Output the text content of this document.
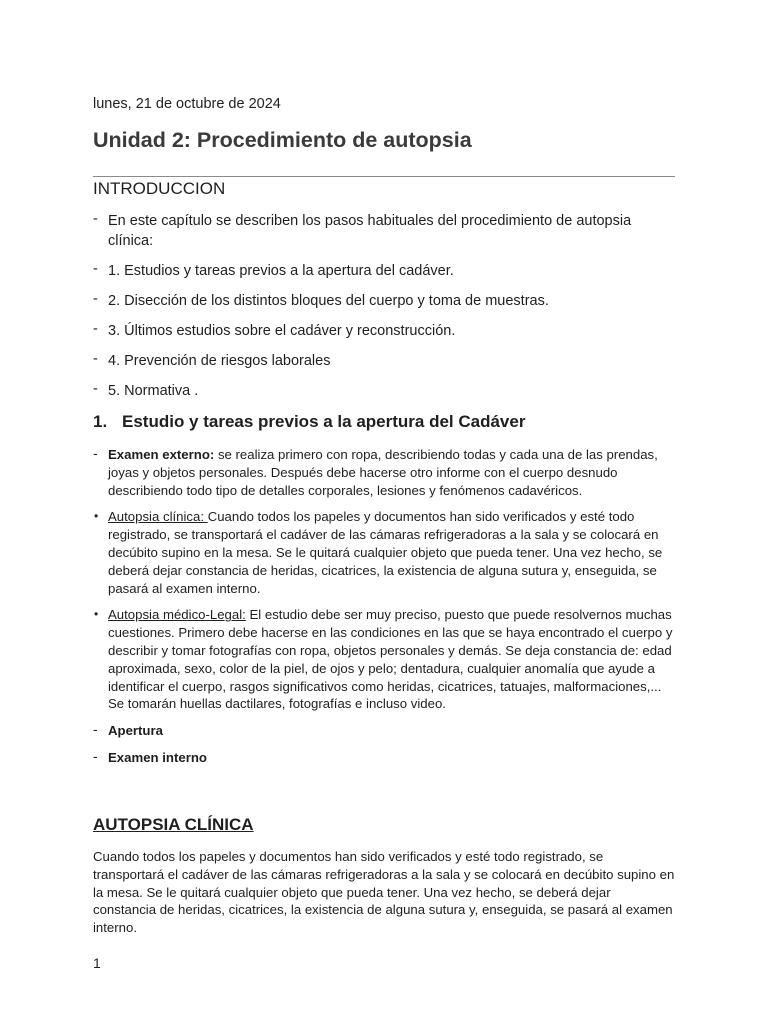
lunes, 21 de octubre de 2024
Unidad 2: Procedimiento de autopsia
INTRODUCCION
- En este capítulo se describen los pasos habituales del procedimiento de autopsia clínica:
- 1. Estudios y tareas previos a la apertura del cadáver.
- 2. Disección de los distintos bloques del cuerpo y toma de muestras.
- 3. Últimos estudios sobre el cadáver y reconstrucción.
- 4. Prevención de riesgos laborales
- 5. Normativa .
1. Estudio y tareas previos a la apertura del Cadáver
- Examen externo: se realiza primero con ropa, describiendo todas y cada una de las prendas, joyas y objetos personales. Después debe hacerse otro informe con el cuerpo desnudo describiendo todo tipo de detalles corporales, lesiones y fenómenos cadavéricos.
• Autopsia clínica: Cuando todos los papeles y documentos han sido verificados y esté todo registrado, se transportará el cadáver de las cámaras refrigeradoras a la sala y se colocará en decúbito supino en la mesa. Se le quitará cualquier objeto que pueda tener. Una vez hecho, se deberá dejar constancia de heridas, cicatrices, la existencia de alguna sutura y, enseguida, se pasará al examen interno.
• Autopsia médico-Legal: El estudio debe ser muy preciso, puesto que puede resolvernos muchas cuestiones. Primero debe hacerse en las condiciones en las que se haya encontrado el cuerpo y describir y tomar fotografías con ropa, objetos personales y demás. Se deja constancia de: edad aproximada, sexo, color de la piel, de ojos y pelo; dentadura, cualquier anomalía que ayude a identificar el cuerpo, rasgos significativos como heridas, cicatrices, tatuajes, malformaciones,... Se tomarán huellas dactilares, fotografías e incluso video.
- Apertura
- Examen interno
AUTOPSIA CLÍNICA

Cuando todos los papeles y documentos han sido verificados y esté todo registrado, se transportará el cadáver de las cámaras refrigeradoras a la sala y se colocará en decúbito supino en la mesa. Se le quitará cualquier objeto que pueda tener. Una vez hecho, se deberá dejar constancia de heridas, cicatrices, la existencia de alguna sutura y, enseguida, se pasará al examen interno.

1
